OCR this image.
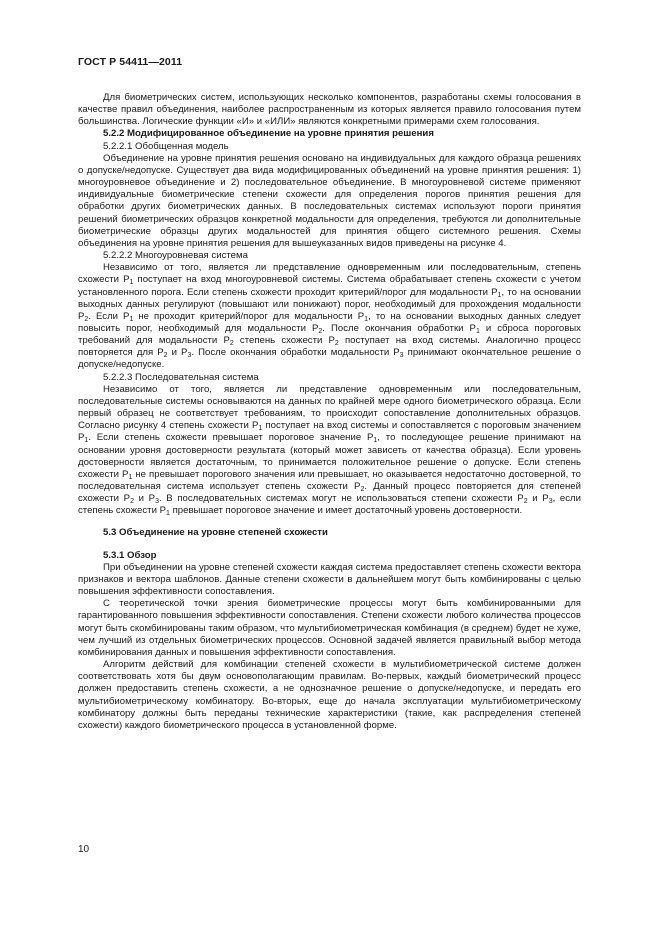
ГОСТ Р 54411—2011

Для биометрических систем, использующих несколько компонентов, разработаны схемы голосования в качестве правил объединения, наиболее распространенным из которых является правило голосования путем большинства. Логические функции «И» и «ИЛИ» являются конкретными примерами схем голосования.

5.2.2 Модифицированное объединение на уровне принятия решения

5.2.2.1 Обобщенная модель

Объединение на уровне принятия решения основано на индивидуальных для каждого образца решениях о допуске/недопуске. Существует два вида модифицированных объединений на уровне принятия решения: 1) многоуровневое объединение и 2) последовательное объединение. В многоуровневой системе применяют индивидуальные биометрические степени схожести для определения порогов принятия решения для обработки других биометрических данных. В последовательных системах используют пороги принятия решений биометрических образцов конкретной модальности для определения, требуются ли дополнительные биометрические образцы других модальностей для принятия общего системного решения. Схемы объединения на уровне принятия решения для вышеуказанных видов приведены на рисунке 4.

5.2.2.2 Многоуровневая система

Независимо от того, является ли представление одновременным или последовательным, степень схожести $P_1$ поступает на вход многоуровневой системы. Система обрабатывает степень схожести с учетом установленного порога. Если степень схожести проходит критерий/порог для модальности $P_1$, то на основании выходных данных регулируют (повышают или понижают) порог, необходимый для прохождения модальности $P_2$. Если $P_1$ не проходит критерий/порог для модальности $P_1$, то на основании выходных данных следует повысить порог, необходимый для модальности $P_2$. После окончания обработки $P_1$ и сброса пороговых требований для модальности $P_2$ степень схожести $P_2$ поступает на вход системы. Аналогично процесс повторяется для $P_2$ и $P_3$. После окончания обработки модальности $P_3$ принимают окончательное решение о допуске/недопуске.

5.2.2.3 Последовательная система

Независимо от того, является ли представление одновременным или последовательным, последовательные системы основываются на данных по крайней мере одного биометрического образца. Если первый образец не соответствует требованиям, то происходит сопоставление дополнительных образцов. Согласно рисунку 4 степень схожести $P_1$ поступает на вход системы и сопоставляется с пороговым значением $P_1$. Если степень схожести превышает пороговое значение $P_1$, то последующее решение принимают на основании уровня достоверности результата (который может зависеть от качества образца). Если уровень достоверности является достаточным, то принимается положительное решение о допуске. Если степень схожести $P_1$ не превышает порогового значения или превышает, но оказывается недостаточно достоверной, то последовательная система использует степень схожести $P_2$. Данный процесс повторяется для степеней схожести $P_2$ и $P_3$. В последовательных системах могут не использоваться степени схожести $P_2$ и $P_3$, если степень схожести $P_1$ превышает пороговое значение и имеет достаточный уровень достоверности.

5.3 Объединение на уровне степеней схожести

5.3.1 Обзор

При объединении на уровне степеней схожести каждая система предоставляет степень схожести вектора признаков и вектора шаблонов. Данные степени схожести в дальнейшем могут быть комбинированы с целью повышения эффективности сопоставления.

С теоретической точки зрения биометрические процессы могут быть комбинированными для гарантированного повышения эффективности сопоставления. Степени схожести любого количества процессов могут быть скомбинированы таким образом, что мультибиометрическая комбинация (в среднем) будет не хуже, чем лучший из отдельных биометрических процессов. Основной задачей является правильный выбор метода комбинирования данных и повышения эффективности сопоставления.

Алгоритм действий для комбинации степеней схожести в мультибиометрической системе должен соответствовать хотя бы двум основополагающим правилам. Во-первых, каждый биометрический процесс должен предоставить степень схожести, а не однозначное решение о допуске/недопуске, и передать его мультибиометрическому комбинатору. Во-вторых, еще до начала эксплуатации мультибиометрическому комбинатору должны быть переданы технические характеристики (такие, как распределения степеней схожести) каждого биометрического процесса в установленной форме.

10
